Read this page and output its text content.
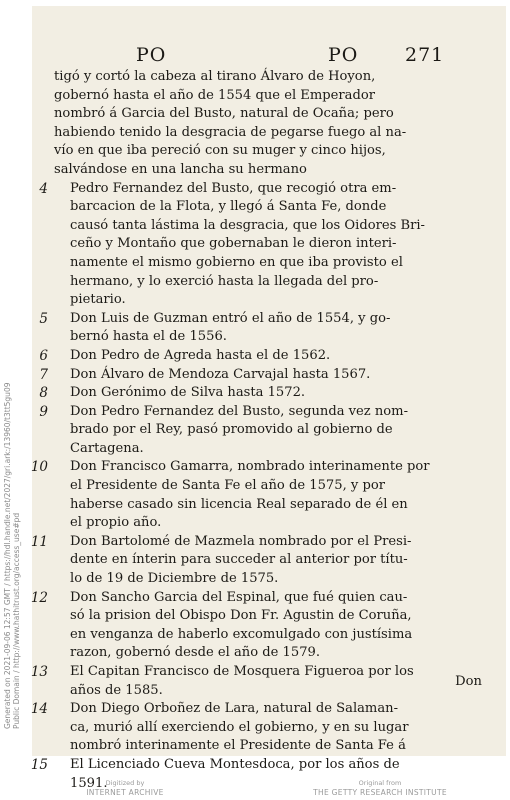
PO	PO 271
tigó y cortó la cabeza al tirano Álvaro de Hoyon,
gobernó hasta el año de 1554 que el Emperador
nombró á Garcia del Busto, natural de Ocaña; pero
habiendo tenido la desgracia de pegarse fuego al na-
vío en que iba pereció con su muger y cinco hijos,
salvándose en una lancha su hermano
4	Pedro Fernandez del Busto, que recogió otra em-
barcacion de la Flota, y llegó á Santa Fe, donde
causó tanta lástima la desgracia, que los Oidores Bri-
ceño y Montaño que gobernaban le dieron interi-
namente el mismo gobierno en que iba provisto el
hermano, y lo exerció hasta la llegada del pro-
pietario.
5	Don Luis de Guzman entró el año de 1554, y go-
bernó hasta el de 1556.
6	Don Pedro de Agreda hasta el de 1562.
7	Don Álvaro de Mendoza Carvajal hasta 1567.
8	Don Gerónimo de Silva hasta 1572.
9	Don Pedro Fernandez del Busto, segunda vez nom-
brado por el Rey, pasó promovido al gobierno de
Cartagena.
10	Don Francisco Gamarra, nombrado interinamente por
el Presidente de Santa Fe el año de 1575, y por
haberse casado sin licencia Real separado de él en
el propio año.
11	Don Bartolomé de Mazmela nombrado por el Presi-
dente en ínterin para succeder al anterior por títu-
lo de 19 de Diciembre de 1575.
12	Don Sancho Garcia del Espinal, que fué quien cau-
só la prision del Obispo Don Fr. Agustin de Coruña,
en venganza de haberlo excomulgado con justísima
razon, gobernó desde el año de 1579.
13	El Capitan Francisco de Mosquera Figueroa por los
años de 1585.
14	Don Diego Orboñez de Lara, natural de Salaman-
ca, murió allí exerciendo el gobierno, y en su lugar
nombró interinamente el Presidente de Santa Fe á
15	El Licenciado Cueva Montesdoca, por los años de
1591.
Don
Generated on 2021-09-06 12:57 GMT / https://hdl.handle.net/2027/gri.ark:/13960/t3tt5gu09 Public Domain / http://www.hathitrust.org/access_use#pd
Digitized by
INTERNET ARCHIVE
Original from
THE GETTY RESEARCH INSTITUTE
